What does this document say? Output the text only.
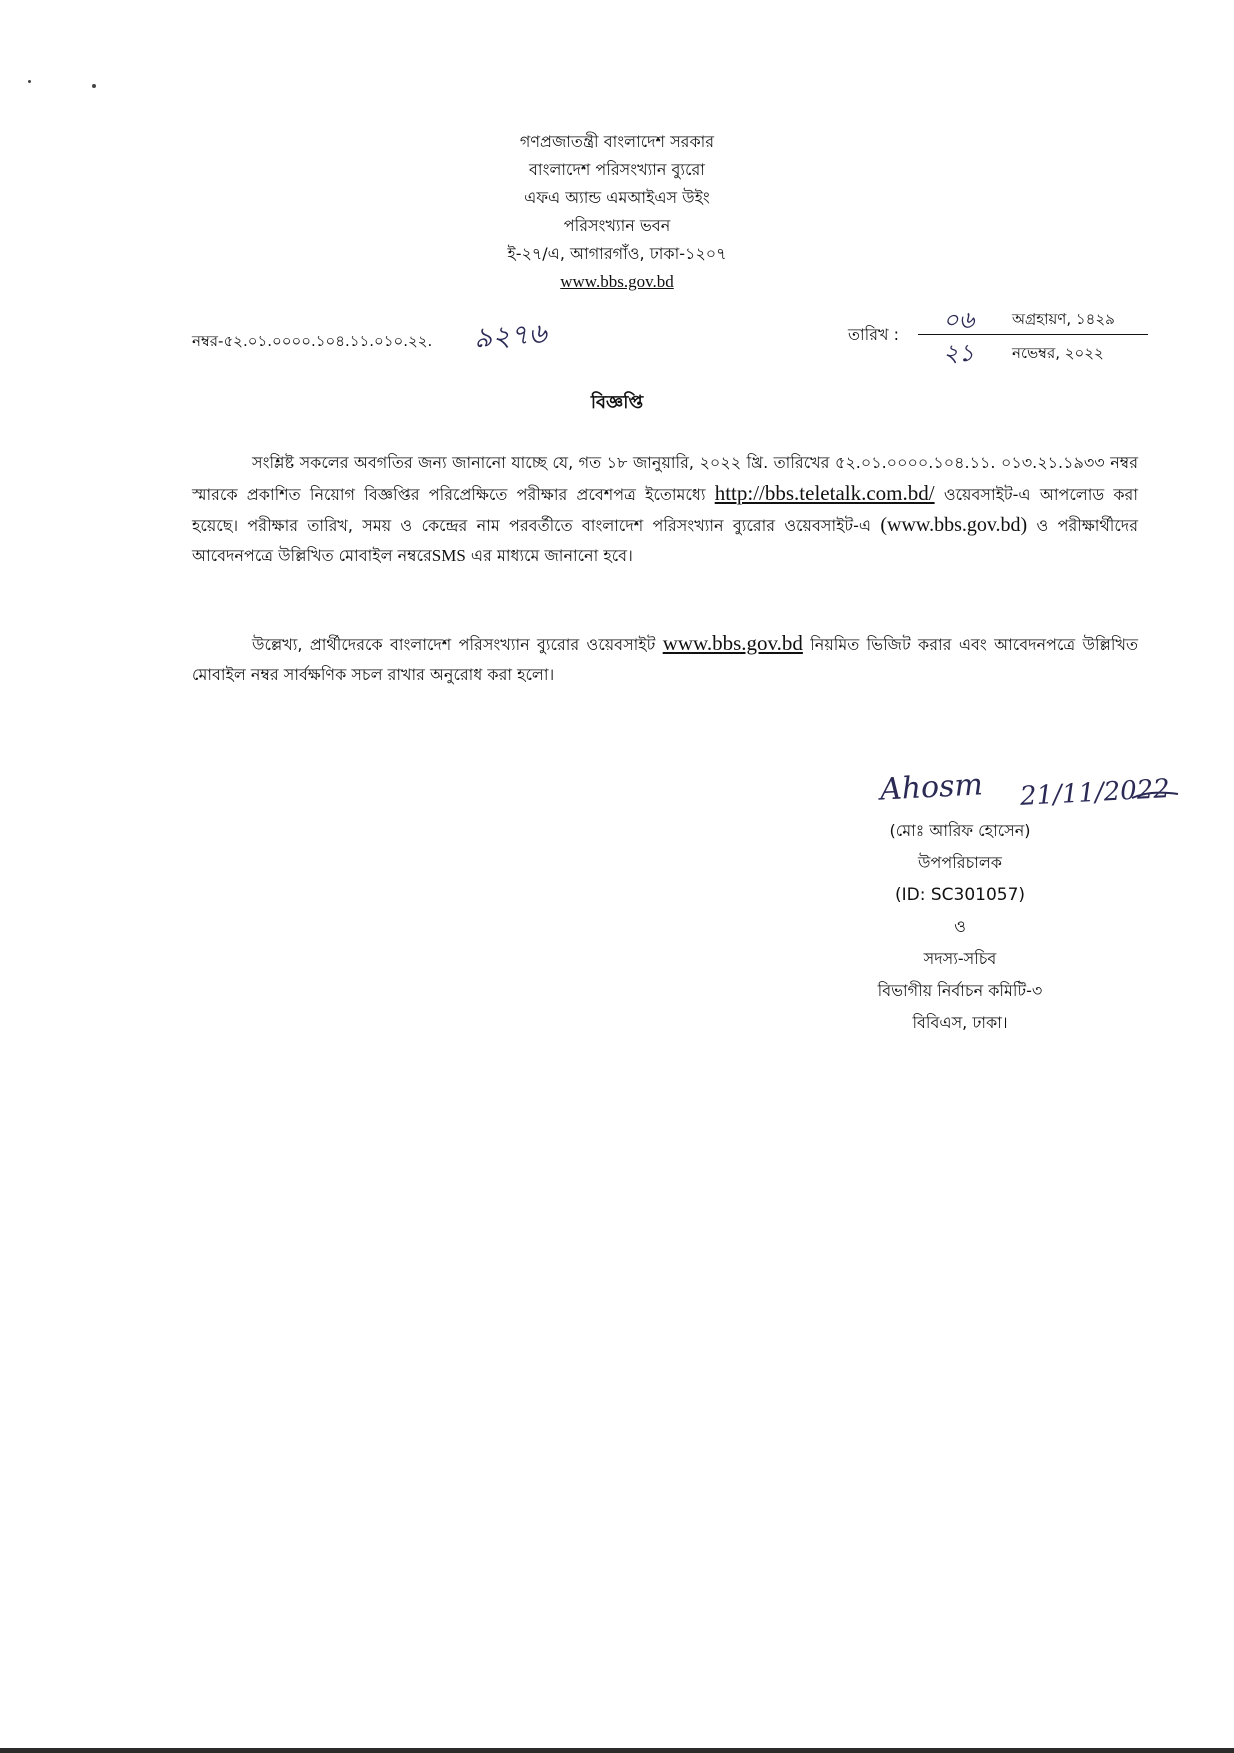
গণপ্রজাতন্ত্রী বাংলাদেশ সরকার
বাংলাদেশ পরিসংখ্যান ব্যুরো
এফএ অ্যান্ড এমআইএস উইং
পরিসংখ্যান ভবন
ই-২৭/এ, আগারগাঁও, ঢাকা-১২০৭
www.bbs.gov.bd
নম্বর-৫২.০১.০০০০.১০৪.১১.০১০.২২. ৯২৭৬	তারিখ :
০৬	অগ্রহায়ণ, ১৪২৯
২১	নভেম্বর, ২০২২
বিজ্ঞপ্তি
সংশ্লিষ্ট সকলের অবগতির জন্য জানানো যাচ্ছে যে, গত ১৮ জানুয়ারি, ২০২২ খ্রি. তারিখের ৫২.০১.০০০০.১০৪.১১. ০১৩.২১.১৯৩৩ নম্বর স্মারকে প্রকাশিত নিয়োগ বিজ্ঞপ্তির পরিপ্রেক্ষিতে পরীক্ষার প্রবেশপত্র ইতোমধ্যে http://bbs.teletalk.com.bd/ ওয়েবসাইট-এ আপলোড করা হয়েছে। পরীক্ষার তারিখ, সময় ও কেন্দ্রের নাম পরবর্তীতে বাংলাদেশ পরিসংখ্যান ব্যুরোর ওয়েবসাইট-এ (www.bbs.gov.bd) ও পরীক্ষার্থীদের আবেদনপত্রে উল্লিখিত মোবাইল নম্বরেSMS এর মাধ্যমে জানানো হবে।
উল্লেখ্য, প্রার্থীদেরকে বাংলাদেশ পরিসংখ্যান ব্যুরোর ওয়েবসাইট www.bbs.gov.bd নিয়মিত ভিজিট করার এবং আবেদনপত্রে উল্লিখিত মোবাইল নম্বর সার্বক্ষণিক সচল রাখার অনুরোধ করা হলো।
Ahosm 21/11/2022
(মোঃ আরিফ হোসেন)
উপপরিচালক
(ID: SC301057)
ও
সদস্য-সচিব
বিভাগীয় নির্বাচন কমিটি-৩
বিবিএস, ঢাকা।
